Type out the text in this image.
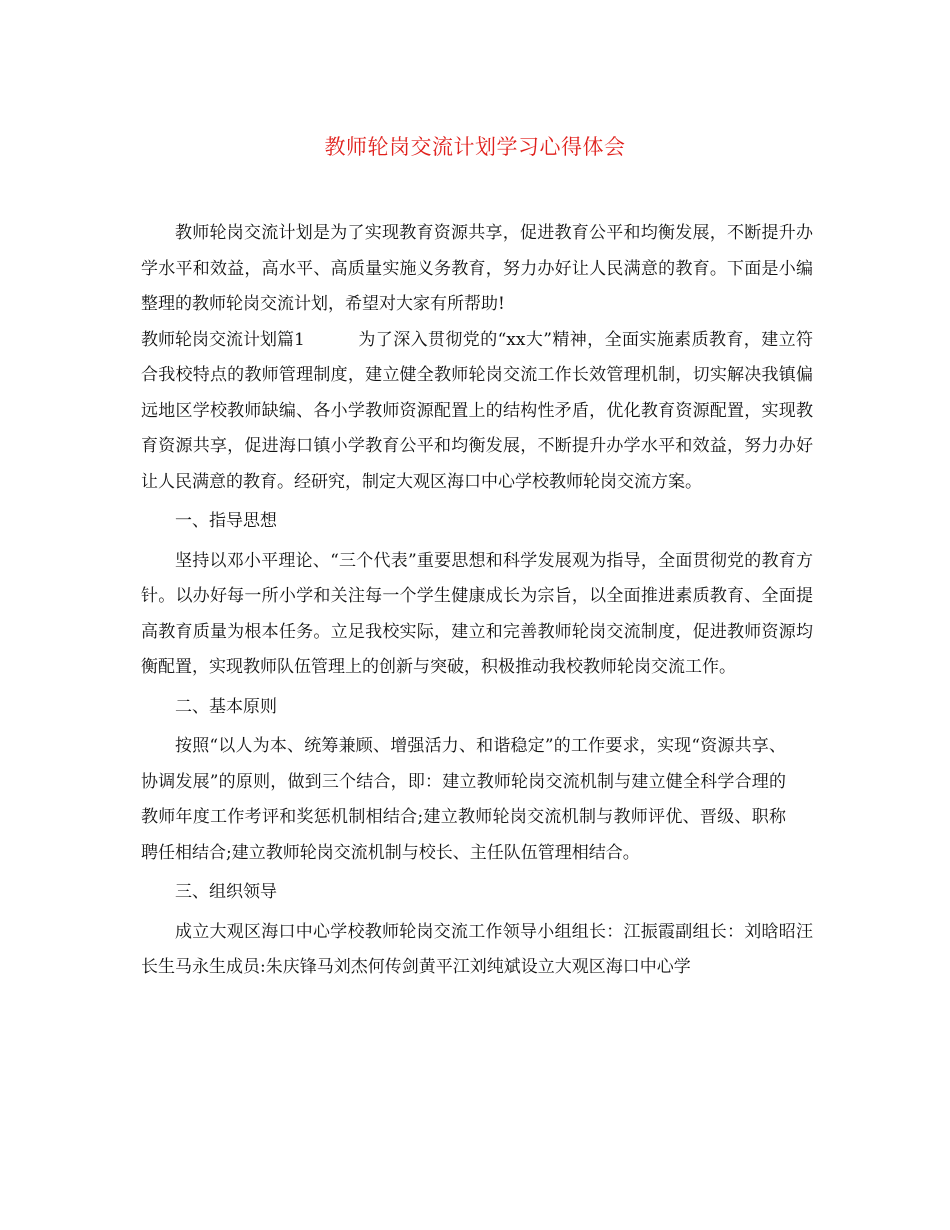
教师轮岗交流计划学习心得体会

教师轮岗交流计划是为了实现教育资源共享，促进教育公平和均衡发展，不断提升办学水平和效益，高水平、高质量实施义务教育，努力办好让人民满意的教育。下面是小编整理的教师轮岗交流计划，希望对大家有所帮助!

教师轮岗交流计划篇1	为了深入贯彻党的“xx大”精神，全面实施素质教育，建立符合我校特点的教师管理制度，建立健全教师轮岗交流工作长效管理机制，切实解决我镇偏远地区学校教师缺编、各小学教师资源配置上的结构性矛盾，优化教育资源配置，实现教育资源共享，促进海口镇小学教育公平和均衡发展，不断提升办学水平和效益，努力办好让人民满意的教育。经研究，制定大观区海口中心学校教师轮岗交流方案。

一、指导思想

坚持以邓小平理论、“三个代表”重要思想和科学发展观为指导，全面贯彻党的教育方针。以办好每一所小学和关注每一个学生健康成长为宗旨，以全面推进素质教育、全面提高教育质量为根本任务。立足我校实际，建立和完善教师轮岗交流制度，促进教师资源均衡配置，实现教师队伍管理上的创新与突破，积极推动我校教师轮岗交流工作。

二、基本原则

按照“以人为本、统筹兼顾、增强活力、和谐稳定”的工作要求，实现“资源共享、协调发展”的原则，做到三个结合，即：建立教师轮岗交流机制与建立健全科学合理的教师年度工作考评和奖惩机制相结合;建立教师轮岗交流机制与教师评优、晋级、职称聘任相结合;建立教师轮岗交流机制与校长、主任队伍管理相结合。

三、组织领导

成立大观区海口中心学校教师轮岗交流工作领导小组组长：江振霞副组长：刘晗昭汪长生马永生成员:朱庆锋马刘杰何传剑黄平江刘纯斌设立大观区海口中心学
